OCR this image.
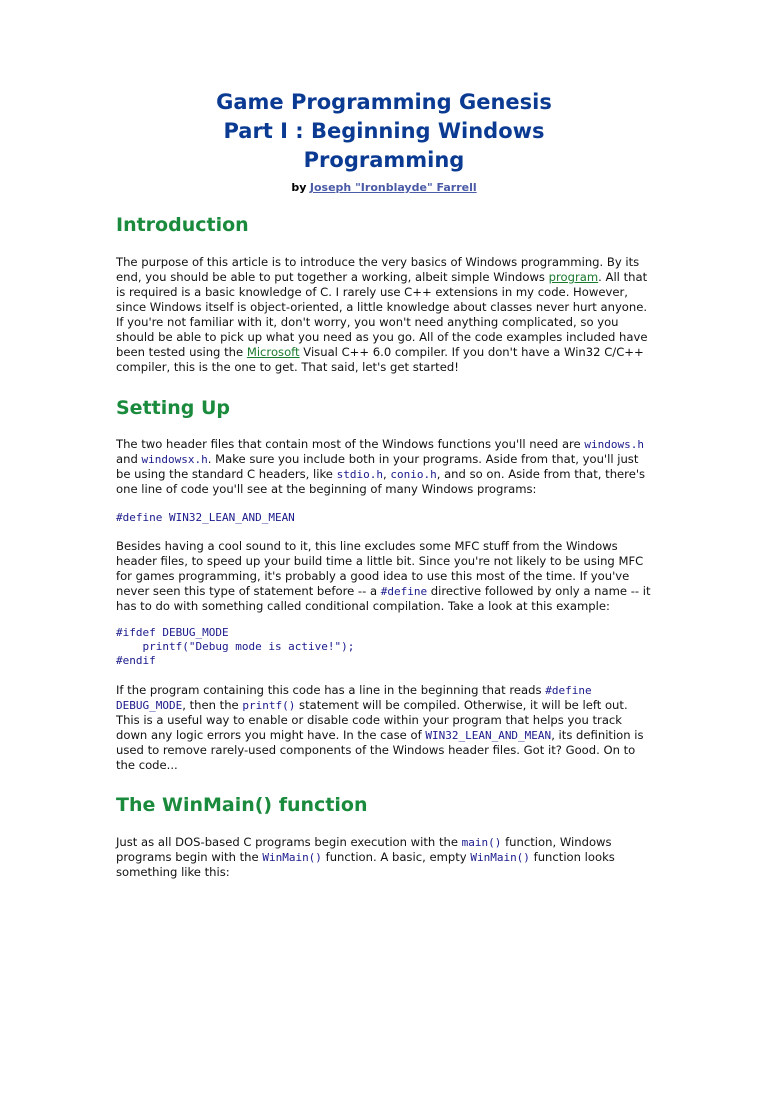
Game Programming Genesis
Part I : Beginning Windows
Programming
by Joseph "Ironblayde" Farrell
Introduction

The purpose of this article is to introduce the very basics of Windows programming. By its end, you should be able to put together a working, albeit simple Windows program. All that is required is a basic knowledge of C. I rarely use C++ extensions in my code. However, since Windows itself is object-oriented, a little knowledge about classes never hurt anyone. If you're not familiar with it, don't worry, you won't need anything complicated, so you should be able to pick up what you need as you go. All of the code examples included have been tested using the Microsoft Visual C++ 6.0 compiler. If you don't have a Win32 C/C++ compiler, this is the one to get. That said, let's get started!

Setting Up

The two header files that contain most of the Windows functions you'll need are windows.h and windowsx.h. Make sure you include both in your programs. Aside from that, you'll just be using the standard C headers, like stdio.h, conio.h, and so on. Aside from that, there's one line of code you'll see at the beginning of many Windows programs:

#define WIN32_LEAN_AND_MEAN

Besides having a cool sound to it, this line excludes some MFC stuff from the Windows header files, to speed up your build time a little bit. Since you're not likely to be using MFC for games programming, it's probably a good idea to use this most of the time. If you've never seen this type of statement before -- a #define directive followed by only a name -- it has to do with something called conditional compilation. Take a look at this example:

#ifdef DEBUG_MODE
printf("Debug mode is active!");
#endif

If the program containing this code has a line in the beginning that reads #define DEBUG_MODE, then the printf() statement will be compiled. Otherwise, it will be left out. This is a useful way to enable or disable code within your program that helps you track down any logic errors you might have. In the case of WIN32_LEAN_AND_MEAN, its definition is used to remove rarely-used components of the Windows header files. Got it? Good. On to the code...

The WinMain() function

Just as all DOS-based C programs begin execution with the main() function, Windows programs begin with the WinMain() function. A basic, empty WinMain() function looks something like this:
